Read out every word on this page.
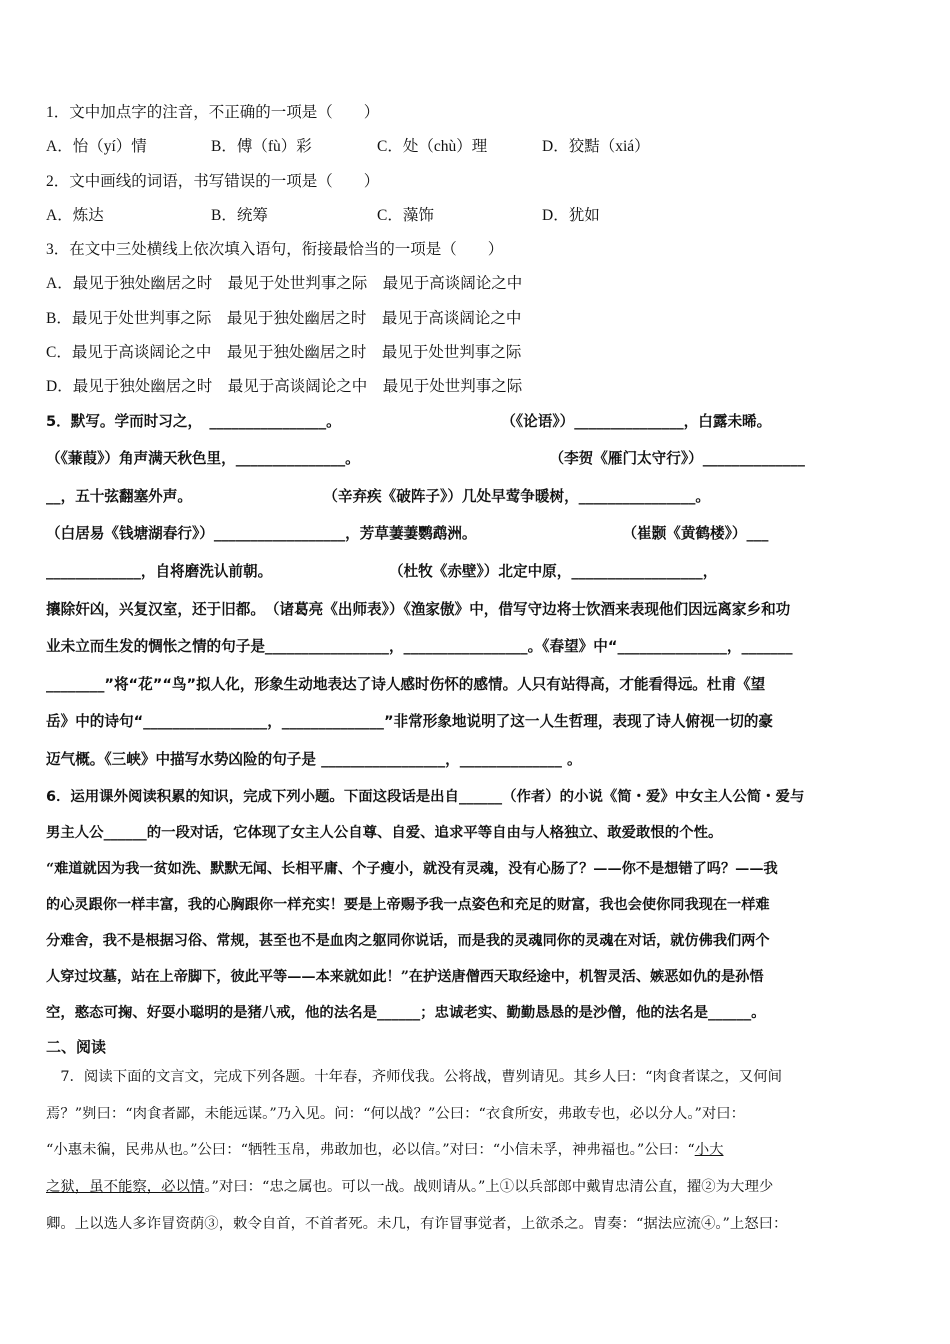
1．文中加点字的注音，不正确的一项是（　　）

A．怡（yí）情	B．傅（fù）彩	C．处（chù）理	D．狡黠（xiá）

2．文中画线的词语，书写错误的一项是（　　）

A．炼达	B．统筹	C．藻饰	D．犹如

3．在文中三处横线上依次填入语句，衔接最恰当的一项是（　　）

A．最见于独处幽居之时　最见于处世判事之际　最见于高谈阔论之中

B．最见于处世判事之际　最见于独处幽居之时　最见于高谈阔论之中

C．最见于高谈阔论之中　最见于独处幽居之时　最见于处世判事之际

D．最见于独处幽居之时　最见于高谈阔论之中　最见于处世判事之际

5．默写。学而时习之，　________________。　　　　　　　　　　　　（《论语》）_______________，白露未晞。

（《蒹葭》）角声满天秋色里，_______________。　　　　　　　　　　　　　　（李贺《雁门太守行》）______________

__，五十弦翻塞外声。　　　　　　　　　　（辛弃疾《破阵子》）几处早莺争暖树，________________。

（白居易《钱塘湖春行》）__________________，芳草萋萋鹦鹉洲。　　　　　　　　　　　（崔颢《黄鹤楼》）___

_____________，自将磨洗认前朝。　　　　　　　　　（杜牧《赤壁》）北定中原，__________________，

攘除奸凶，兴复汉室，还于旧都。　（诸葛亮《出师表》）《渔家傲》中，借写守边将士饮酒来表现他们因远离家乡和功

业未立而生发的惆怅之情的句子是_________________，_________________。《春望》中“_______________，_______

________”将“花”“鸟”拟人化，形象生动地表达了诗人感时伤怀的感情。人只有站得高，才能看得远。杜甫《望

岳》中的诗句“_________________，______________”非常形象地说明了这一人生哲理，表现了诗人俯视一切的豪

迈气概。《三峡》中描写水势凶险的句子是 _________________，______________ 。

6．运用课外阅读积累的知识，完成下列小题。下面这段话是出自______（作者）的小说《简・爱》中女主人公简・爱与

男主人公______的一段对话，它体现了女主人公自尊、自爱、追求平等自由与人格独立、敢爱敢恨的个性。

“难道就因为我一贫如洗、默默无闻、长相平庸、个子瘦小，就没有灵魂，没有心肠了？——你不是想错了吗？——我

的心灵跟你一样丰富，我的心胸跟你一样充实！要是上帝赐予我一点姿色和充足的财富，我也会使你同我现在一样难

分难舍，我不是根据习俗、常规，甚至也不是血肉之躯同你说话，而是我的灵魂同你的灵魂在对话，就仿佛我们两个

人穿过坟墓，站在上帝脚下，彼此平等——本来就如此！”在护送唐僧西天取经途中，机智灵活、嫉恶如仇的是孙悟

空，憨态可掬、好耍小聪明的是猪八戒，他的法名是______；忠诚老实、勤勤恳恳的是沙僧，他的法名是______。

二、阅读

　7．阅读下面的文言文，完成下列各题。十年春，齐师伐我。公将战，曹刿请见。其乡人曰：“肉食者谋之，又何间

焉？”刿曰：“肉食者鄙，未能远谋。”乃入见。问：“何以战？”公曰：“衣食所安，弗敢专也，必以分人。”对曰：

“小惠未徧，民弗从也。”公曰：“牺牲玉帛，弗敢加也，必以信。”对曰：“小信未孚，神弗福也。”公曰：“小大

之狱，虽不能察，必以情。”对曰：“忠之属也。可以一战。战则请从。”上①以兵部郎中戴胄忠清公直，擢②为大理少

卿。上以选人多诈冒资荫③，敕令自首，不首者死。未几，有诈冒事觉者，上欲杀之。胄奏：“据法应流④。”上怒曰：
